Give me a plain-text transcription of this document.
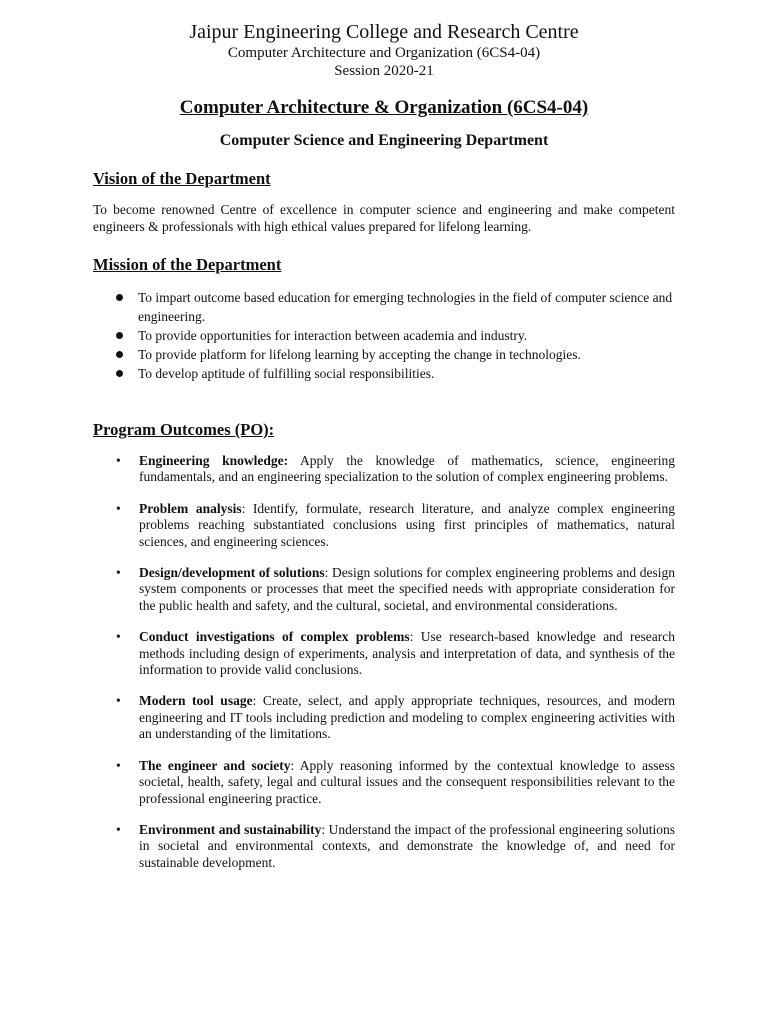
Jaipur Engineering College and Research Centre
Computer Architecture and Organization (6CS4-04)
Session 2020-21
Computer Architecture & Organization (6CS4-04)
Computer Science and Engineering Department
Vision of the Department
To become renowned Centre of excellence in computer science and engineering and make competent engineers & professionals with high ethical values prepared for lifelong learning.
Mission of the Department
To impart outcome based education for emerging technologies in the field of computer science and engineering.
To provide opportunities for interaction between academia and industry.
To provide platform for lifelong learning by accepting the change in technologies.
To develop aptitude of fulfilling social responsibilities.
Program Outcomes (PO):
• Engineering knowledge: Apply the knowledge of mathematics, science, engineering fundamentals, and an engineering specialization to the solution of complex engineering problems.
• Problem analysis: Identify, formulate, research literature, and analyze complex engineering problems reaching substantiated conclusions using first principles of mathematics, natural sciences, and engineering sciences.
• Design/development of solutions: Design solutions for complex engineering problems and design system components or processes that meet the specified needs with appropriate consideration for the public health and safety, and the cultural, societal, and environmental considerations.
• Conduct investigations of complex problems: Use research-based knowledge and research methods including design of experiments, analysis and interpretation of data, and synthesis of the information to provide valid conclusions.
• Modern tool usage: Create, select, and apply appropriate techniques, resources, and modern engineering and IT tools including prediction and modeling to complex engineering activities with an understanding of the limitations.
• The engineer and society: Apply reasoning informed by the contextual knowledge to assess societal, health, safety, legal and cultural issues and the consequent responsibilities relevant to the professional engineering practice.
• Environment and sustainability: Understand the impact of the professional engineering solutions in societal and environmental contexts, and demonstrate the knowledge of, and need for sustainable development.
